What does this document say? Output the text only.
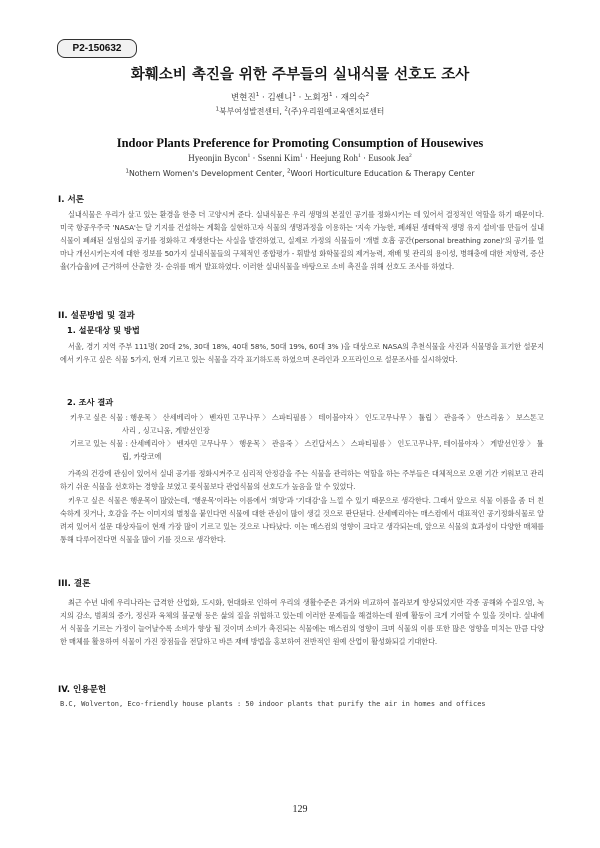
P2-150632
화훼소비 촉진을 위한 주부들의 실내식물 선호도 조사
변현진$^1$ · 김쎈니$^1$ · 노회정$^1$ · 재의숙$^2$
$^1$북부여성발전센터, $^2$(주)우리원예교육앤치료센터
Indoor Plants Preference for Promoting Consumption of Housewives
Hyeonjin Bycon$^1$ · Ssenni Kim$^1$ · Heejung Roh$^1$ · Eusook Jea$^2$
$^1$Nothern Women's Development Center, $^2$Woori Horticulture Education & Therapy Center
I. 서론
실내식물은 우리가 살고 있는 환경을 한층 더 고양시켜 준다. 실내식물은 우리 생명의 본질인 공기를 정화시키는 데 있어서 결정적인 역할을 하기 때문이다. 미국 항공우주국 'NASA'는 달 기지를 건설하는 계획을 실현하고자 식물의 생명과정을 이용하는 '지속 가능한, 폐쇄된 생태학적 생명 유지 설비'를 만들어 실내식물이 폐쇄된 실험실의 공기를 정화하고 재생한다는 사실을 발견하였고, 실제로 가정의 식물들이 '개별 호흡 공간(personal breathing zone)'의 공기를 얼마나 개선시키는지에 대한 정보를 50가지 실내식물들의 구체적인 종합평가 - 휘발성 화학물질의 제거능력, 재배 및 관리의 용이성, 병해충에 대한 저항력, 증산율(가습율)에 근거하여 산출한 것- 순위를 매겨 발표하였다. 이러한 실내식물을 바탕으로 소비 촉진을 위해 선호도 조사를 하였다.
II. 설문방법 및 결과
1. 설문대상 및 방법
서울, 경기 지역 주부 111명( 20대 2%, 30대 18%, 40대 58%, 50대 19%, 60대 3% )을 대상으로 NASA의 추천식물을 사진과 식물명을 표기한 설문지에서 키우고 싶은 식물 5가지, 현재 기르고 있는 식물을 각각 표기하도록 하였으며 온라인과 오프라인으로 설문조사를 실시하였다.
2. 조사 결과
키우고 싶은 식물 : 행운목 〉 산세베리아 〉 벤자민 고무나무 〉 스파티필름 〉 테이블야자 〉 인도고무나무 〉 튤립 〉 관음죽 〉 안스리움 〉 보스톤고사리 , 싱고니움, 게발선인장
기르고 있는 식물 : 산세베리아 〉 벤자민 고무나무 〉 행운목 〉 관음죽 〉 스킨답서스 〉 스파티필름 〉 인도고무나무, 테이블야자 〉 게발선인장 〉 튤립, 카랑코에
가족의 건강에 관심이 있어서 실내 공기를 정화시켜주고 심리적 안정감을 주는 식물을 관리하는 역할을 하는 주부들은 대체적으로 오랜 기간 키워보고 관리하기 쉬운 식물을 선호하는 경향을 보였고 꽃식물보다 관엽식물의 선호도가 높음을 알 수 있었다.
키우고 싶은 식물은 행운목이 많았는데, '행운목'이라는 이름에서 '희망'과 '기대감'을 느낄 수 있기 때문으로 생각한다. 그래서 앞으로 식물 이름을 좀 더 친숙하게 짓거나, 호감을 주는 이미지의 별칭을 붙인다면 식물에 대한 관심이 많이 생길 것으로 판단된다. 산세베리아는 매스컴에서 대표적인 공기정화식물로 알려져 있어서 설문 대상자들이 현재 가장 많이 기르고 있는 것으로 나타났다. 이는 매스컴의 영향이 크다고 생각되는데, 앞으로 식물의 효과성이 다양한 매체를 통해 다루어진다면 식물을 많이 기를 것으로 생각한다.
III. 결론
최근 수년 내에 우리나라는 급격한 산업화, 도시화, 현대화로 인하여 우리의 생활수준은 과거와 비교하여 몰라보게 향상되었지만 각종 공해와 수질오염, 녹지의 감소, 범죄의 증가, 정신과 육체의 불균형 등은 삶의 질을 위협하고 있는데 이러한 문제들을 해결하는데 원예 활동이 크게 기여할 수 있을 것이다. 실내에서 식물을 기르는 가정이 늘어날수록 소비가 향상 될 것이며 소비가 촉진되는 식물에는 매스컴의 영향이 크며 식물의 이름 또한 많은 영향을 미치는 만큼 다양한 매체를 활용하여 식물이 가진 장점들을 전달하고 바른 재배 방법을 홍보하여 전반적인 원예 산업이 활성화되길 기대한다.
IV. 인용문헌
B.C, Wolverton, Eco-friendly house plants : 50 indoor plants that purify the air in homes and offices
129
